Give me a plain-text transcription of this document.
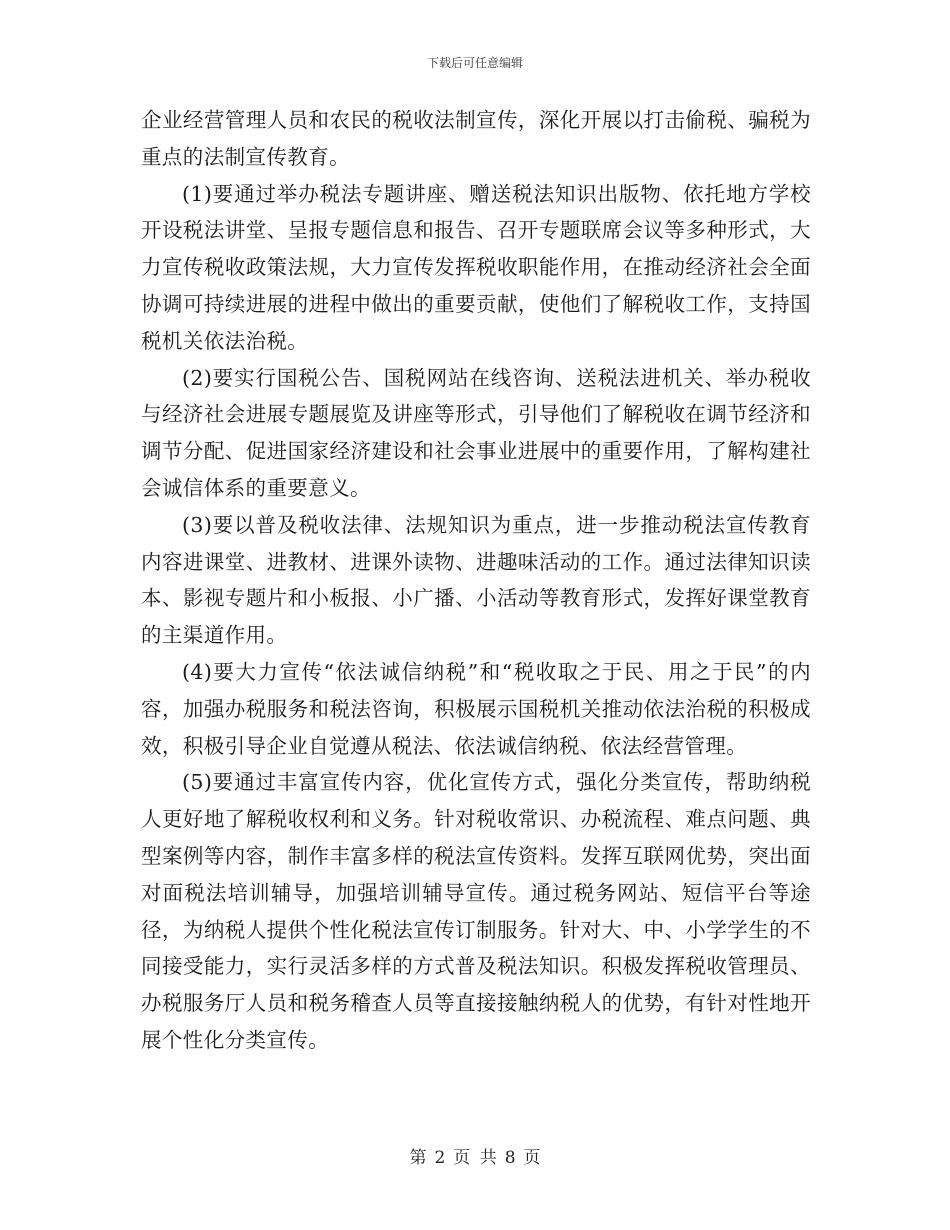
下载后可任意编辑

企业经营管理人员和农民的税收法制宣传，深化开展以打击偷税、骗税为重点的法制宣传教育。

(1)要通过举办税法专题讲座、赠送税法知识出版物、依托地方学校开设税法讲堂、呈报专题信息和报告、召开专题联席会议等多种形式，大力宣传税收政策法规，大力宣传发挥税收职能作用，在推动经济社会全面协调可持续进展的进程中做出的重要贡献，使他们了解税收工作，支持国税机关依法治税。

(2)要实行国税公告、国税网站在线咨询、送税法进机关、举办税收与经济社会进展专题展览及讲座等形式，引导他们了解税收在调节经济和调节分配、促进国家经济建设和社会事业进展中的重要作用，了解构建社会诚信体系的重要意义。

(3)要以普及税收法律、法规知识为重点，进一步推动税法宣传教育内容进课堂、进教材、进课外读物、进趣味活动的工作。通过法律知识读本、影视专题片和小板报、小广播、小活动等教育形式，发挥好课堂教育的主渠道作用。

(4)要大力宣传“依法诚信纳税”和“税收取之于民、用之于民”的内容，加强办税服务和税法咨询，积极展示国税机关推动依法治税的积极成效，积极引导企业自觉遵从税法、依法诚信纳税、依法经营管理。

(5)要通过丰富宣传内容，优化宣传方式，强化分类宣传，帮助纳税人更好地了解税收权利和义务。针对税收常识、办税流程、难点问题、典型案例等内容，制作丰富多样的税法宣传资料。发挥互联网优势，突出面对面税法培训辅导，加强培训辅导宣传。通过税务网站、短信平台等途径，为纳税人提供个性化税法宣传订制服务。针对大、中、小学学生的不同接受能力，实行灵活多样的方式普及税法知识。积极发挥税收管理员、办税服务厅人员和税务稽查人员等直接接触纳税人的优势，有针对性地开展个性化分类宣传。

第 2 页 共 8 页
